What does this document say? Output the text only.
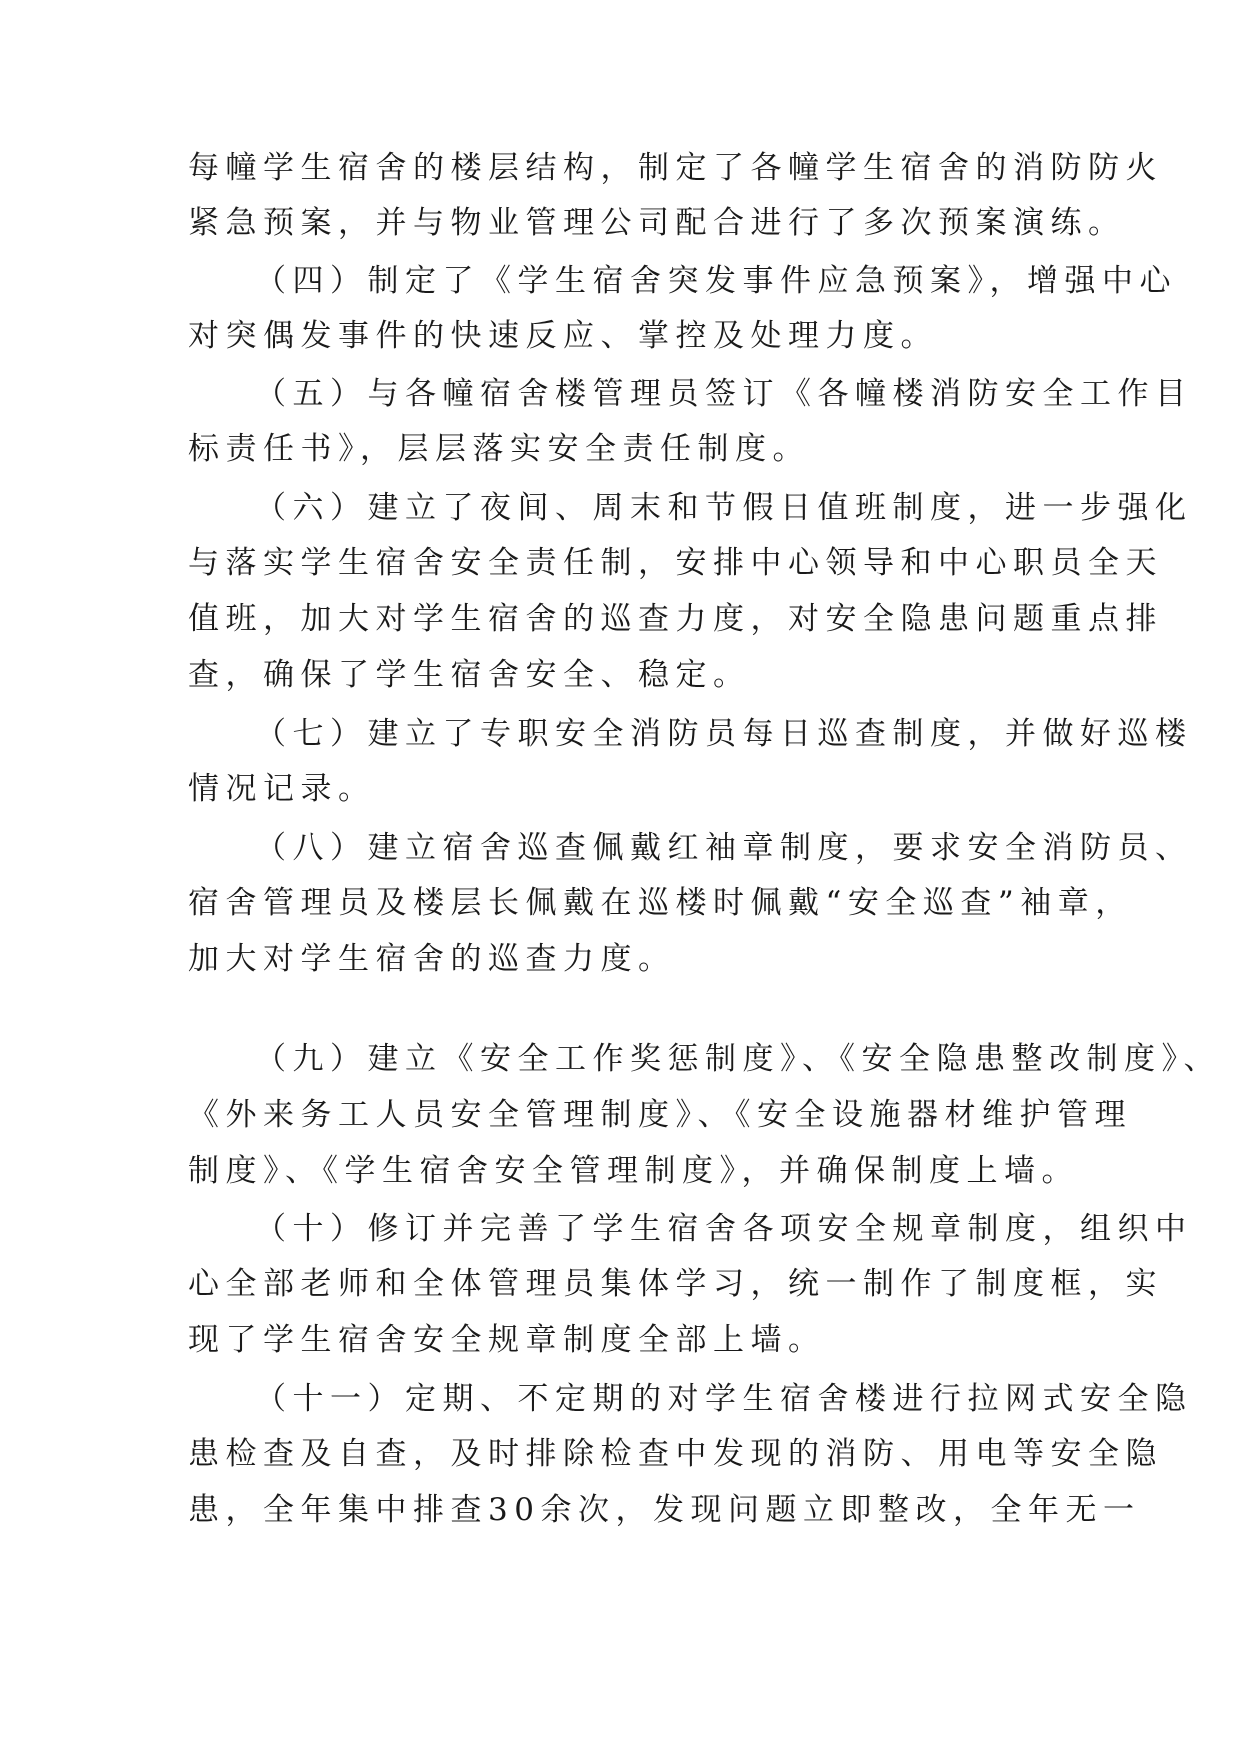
每幢学生宿舍的楼层结构，制定了各幢学生宿舍的消防防火
紧急预案，并与物业管理公司配合进行了多次预案演练。
（四）制定了《学生宿舍突发事件应急预案》，增强中心
对突偶发事件的快速反应、掌控及处理力度。
（五）与各幢宿舍楼管理员签订《各幢楼消防安全工作目
标责任书》，层层落实安全责任制度。
（六）建立了夜间、周末和节假日值班制度，进一步强化
与落实学生宿舍安全责任制，安排中心领导和中心职员全天
值班，加大对学生宿舍的巡查力度，对安全隐患问题重点排
查，确保了学生宿舍安全、稳定。
（七）建立了专职安全消防员每日巡查制度，并做好巡楼
情况记录。
（八）建立宿舍巡查佩戴红袖章制度，要求安全消防员、
宿舍管理员及楼层长佩戴在巡楼时佩戴“安全巡查”袖章，
加大对学生宿舍的巡查力度。
（九）建立《安全工作奖惩制度》、《安全隐患整改制度》、
《外来务工人员安全管理制度》、《安全设施器材维护管理
制度》、《学生宿舍安全管理制度》，并确保制度上墙。
（十）修订并完善了学生宿舍各项安全规章制度，组织中
心全部老师和全体管理员集体学习，统一制作了制度框，实
现了学生宿舍安全规章制度全部上墙。
（十一）定期、不定期的对学生宿舍楼进行拉网式安全隐
患检查及自查，及时排除检查中发现的消防、用电等安全隐
患，全年集中排查30余次，发现问题立即整改，全年无一
